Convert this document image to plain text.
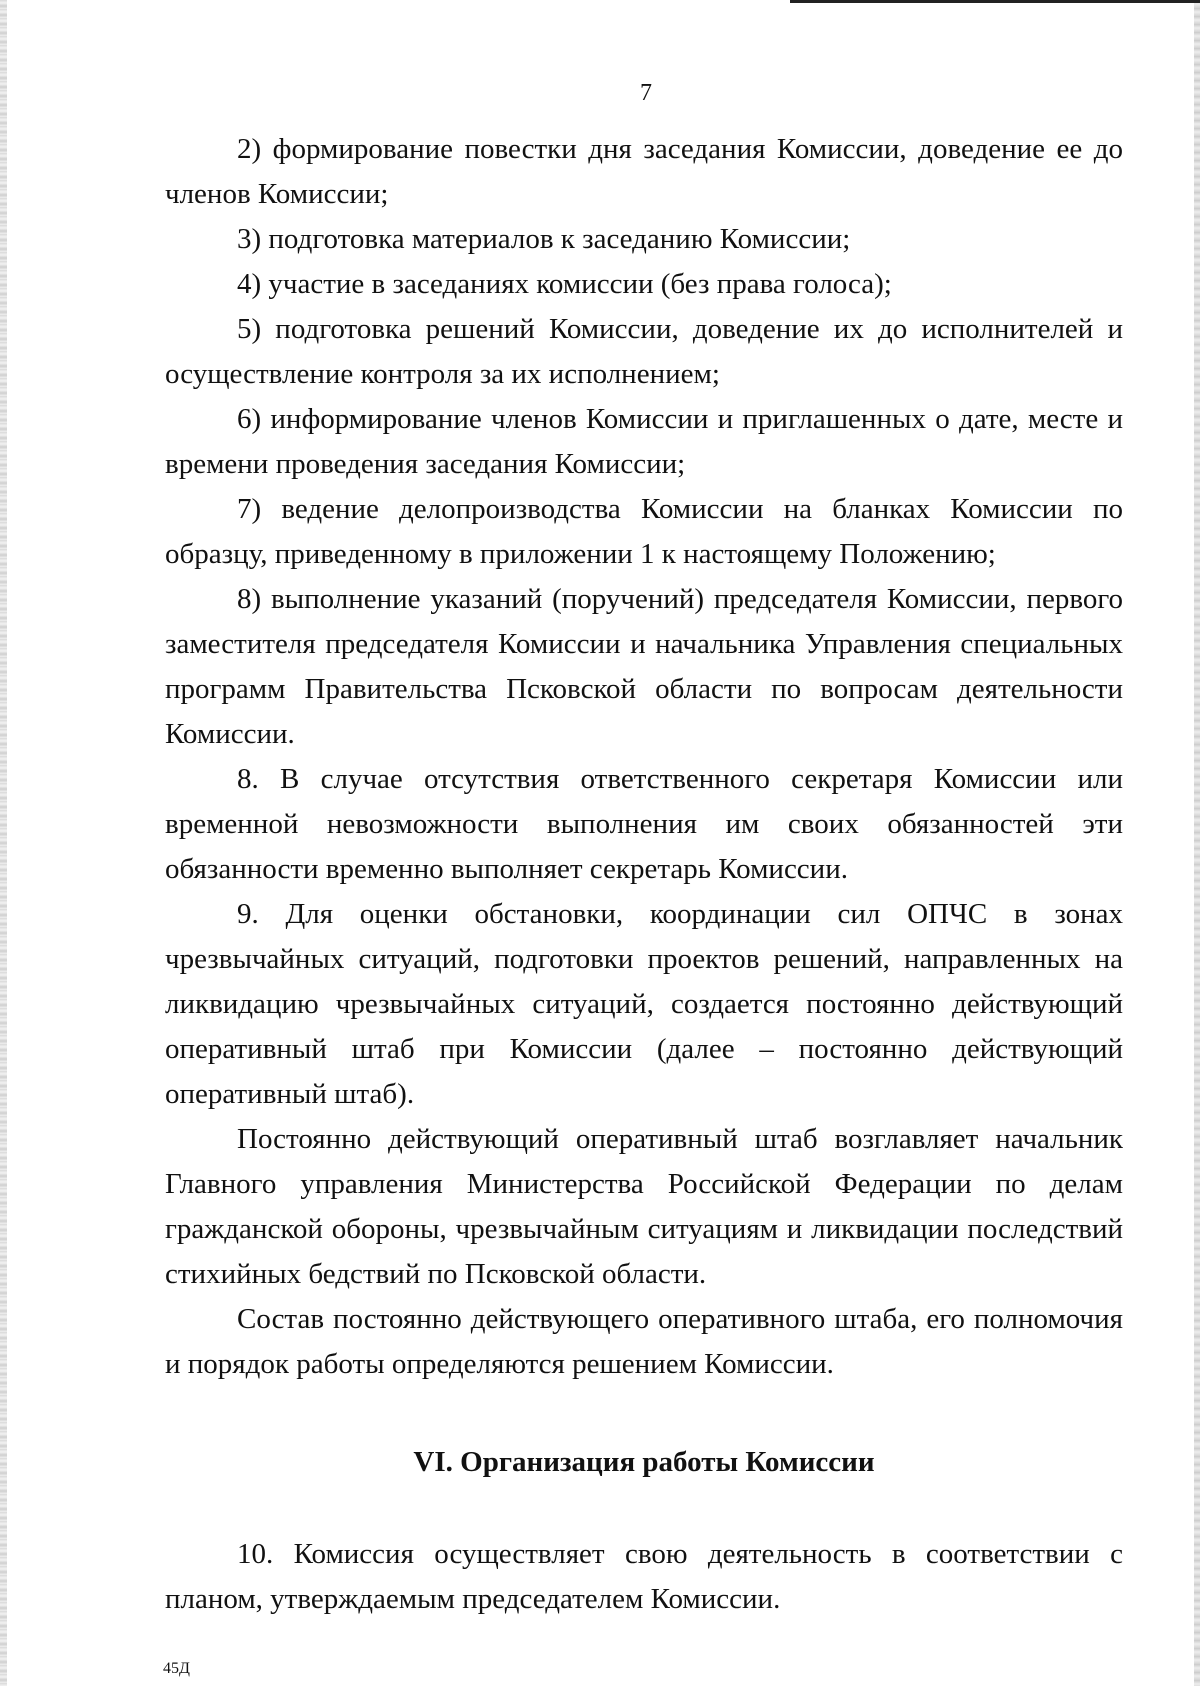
7

2) формирование повестки дня заседания Комиссии, доведение ее до членов Комиссии;

3) подготовка материалов к заседанию Комиссии;

4) участие в заседаниях комиссии (без права голоса);

5) подготовка решений Комиссии, доведение их до исполнителей и осуществление контроля за их исполнением;

6) информирование членов Комиссии и приглашенных о дате, месте и времени проведения заседания Комиссии;

7) ведение делопроизводства Комиссии на бланках Комиссии по образцу, приведенному в приложении 1 к настоящему Положению;

8) выполнение указаний (поручений) председателя Комиссии, первого заместителя председателя Комиссии и начальника Управления специальных программ Правительства Псковской области по вопросам деятельности Комиссии.

8. В случае отсутствия ответственного секретаря Комиссии или временной невозможности выполнения им своих обязанностей эти обязанности временно выполняет секретарь Комиссии.

9. Для оценки обстановки, координации сил ОПЧС в зонах чрезвычайных ситуаций, подготовки проектов решений, направленных на ликвидацию чрезвычайных ситуаций, создается постоянно действующий оперативный штаб при Комиссии (далее – постоянно действующий оперативный штаб).

Постоянно действующий оперативный штаб возглавляет начальник Главного управления Министерства Российской Федерации по делам гражданской обороны, чрезвычайным ситуациям и ликвидации последствий стихийных бедствий по Псковской области.

Состав постоянно действующего оперативного штаба, его полномочия и порядок работы определяются решением Комиссии.

VI. Организация работы Комиссии

10. Комиссия осуществляет свою деятельность в соответствии с планом, утверждаемым председателем Комиссии.

45Д
